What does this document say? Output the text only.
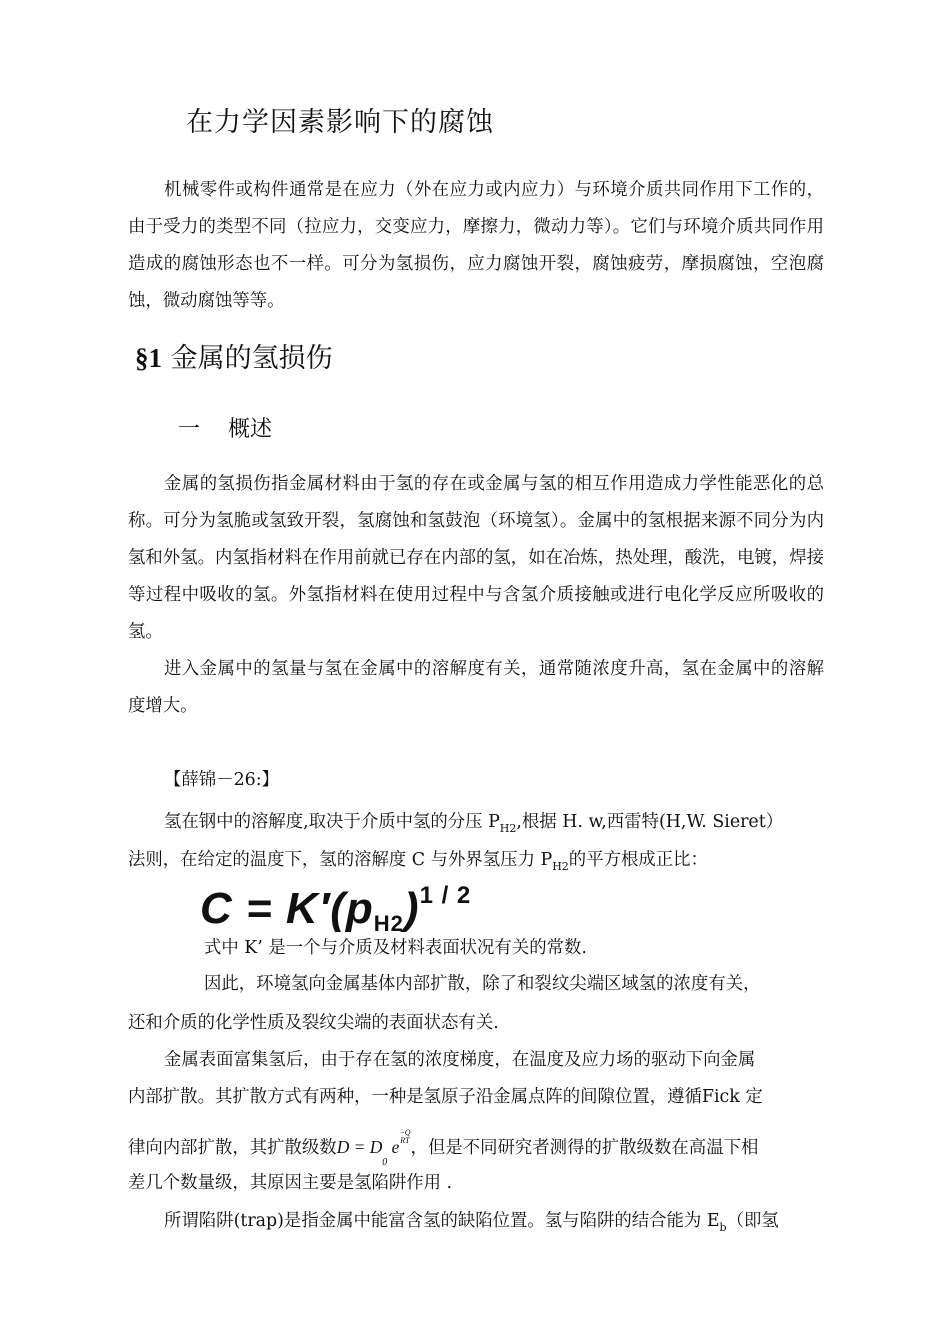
在力学因素影响下的腐蚀
机械零件或构件通常是在应力（外在应力或内应力）与环境介质共同作用下工作的，由于受力的类型不同（拉应力，交变应力，摩擦力，微动力等）。它们与环境介质共同作用造成的腐蚀形态也不一样。可分为氢损伤，应力腐蚀开裂，腐蚀疲劳，摩损腐蚀，空泡腐蚀，微动腐蚀等等。
§1 金属的氢损伤
一 概述
金属的氢损伤指金属材料由于氢的存在或金属与氢的相互作用造成力学性能恶化的总称。可分为氢脆或氢致开裂，氢腐蚀和氢鼓泡（环境氢）。金属中的氢根据来源不同分为内氢和外氢。内氢指材料在作用前就已存在内部的氢，如在冶炼，热处理，酸洗，电镀，焊接等过程中吸收的氢。外氢指材料在使用过程中与含氢介质接触或进行电化学反应所吸收的氢。
进入金属中的氢量与氢在金属中的溶解度有关，通常随浓度升高，氢在金属中的溶解度增大。
【薛锦－26:】
氢在钢中的溶解度,取决于介质中氢的分压 $P_{H2}$,根据 H. w,西雷特(H,W. Sieret）
法则，在给定的温度下，氢的溶解度 C 与外界氢压力 $P_{H2}$的平方根成正比：
$C = K'(pH2)^{1 / 2}$
式中 K’ 是一个与介质及材料表面状况有关的常数.
因此，环境氢向金属基体内部扩散，除了和裂纹尖端区域氢的浓度有关，
还和介质的化学性质及裂纹尖端的表面状态有关.
金属表面富集氢后，由于存在氢的浓度梯度，在温度及应力场的驱动下向金属
内部扩散。其扩散方式有两种，一种是氢原子沿金属点阵的间隙位置，遵循Fick 定
律向内部扩散，其扩散级数$D = D_0$ e−Q
RT，但是不同研究者测得的扩散级数在高温下相
差几个数量级，其原因主要是氢陷阱作用 .
所谓陷阱(trap)是指金属中能富含氢的缺陷位置。氢与陷阱的结合能为 $E_b$（即氢
